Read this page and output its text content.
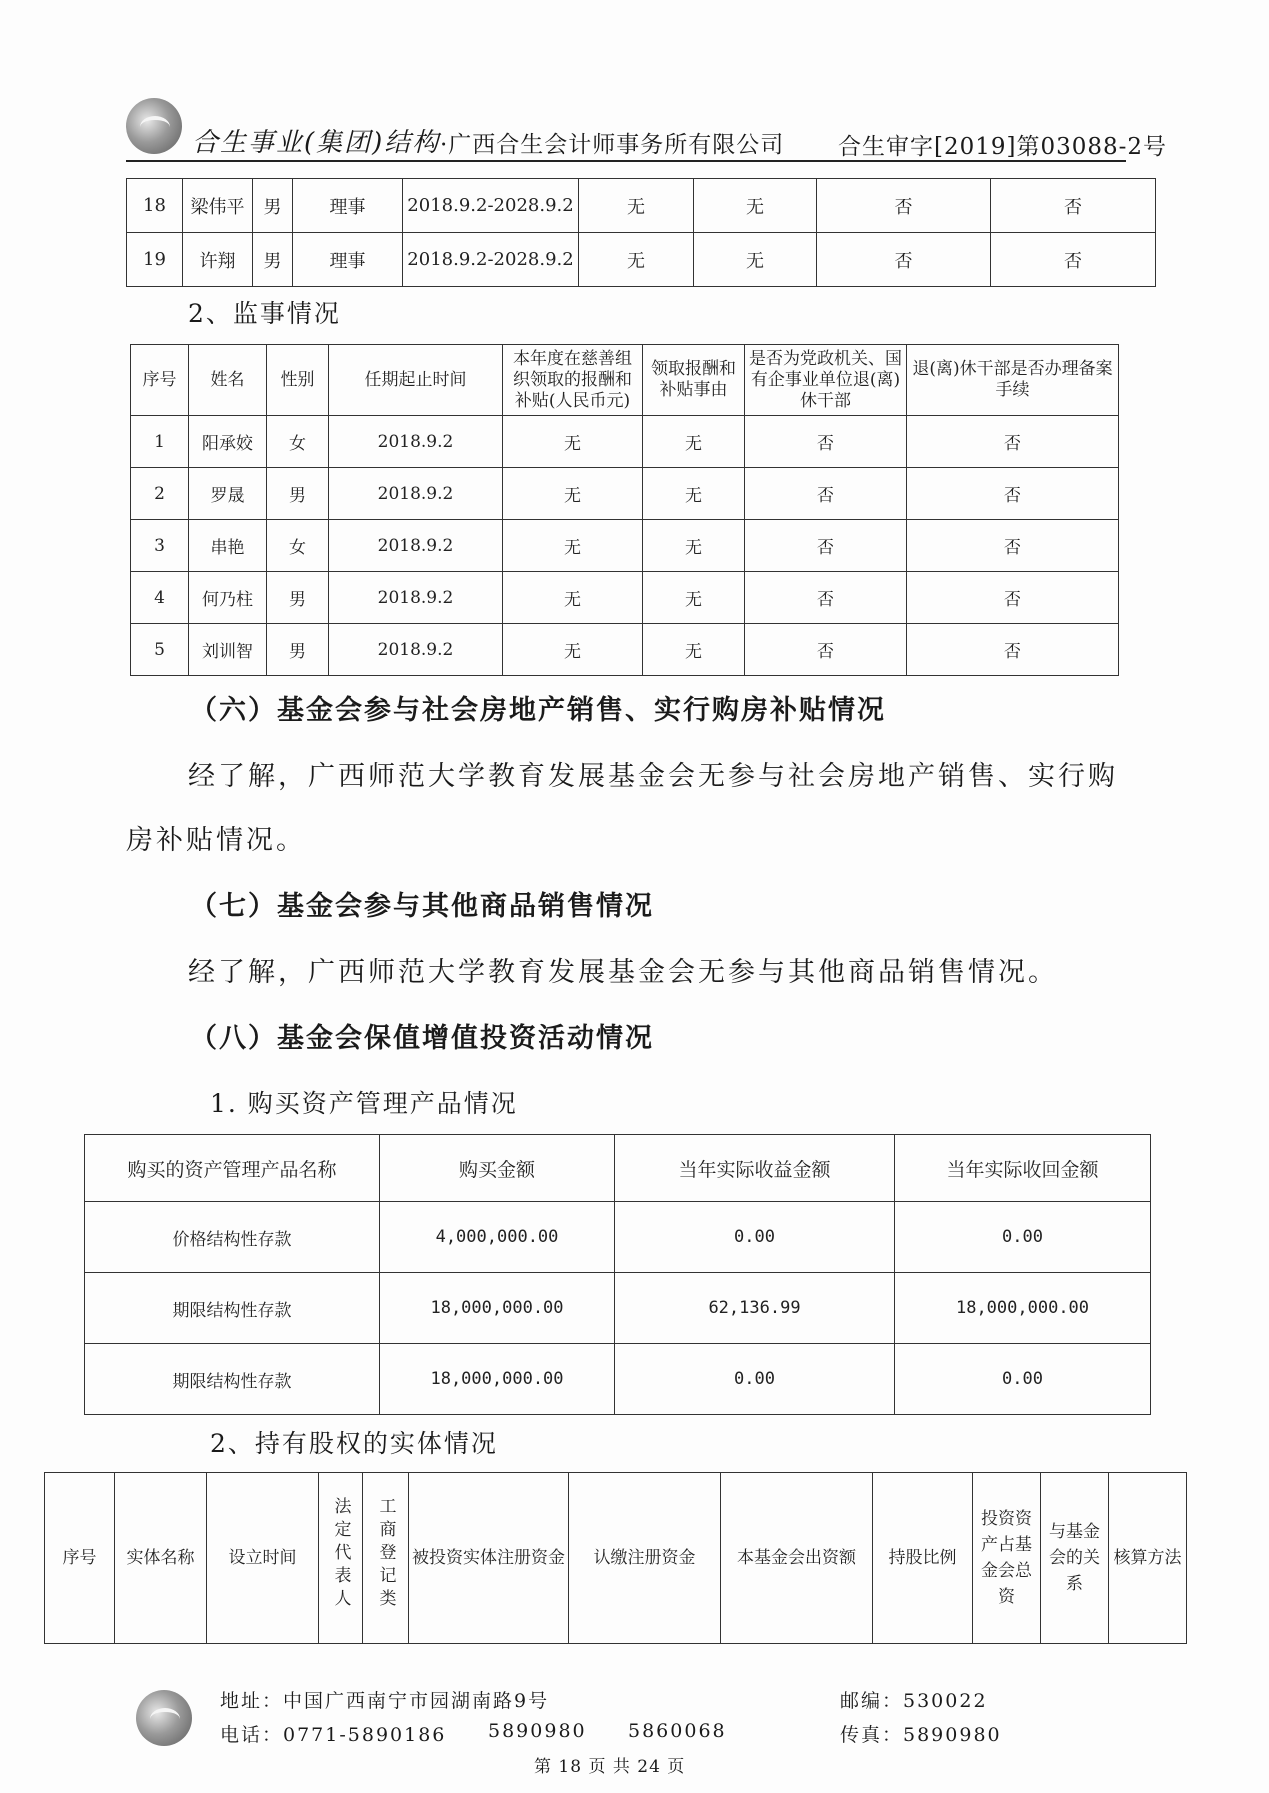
合生事业(集团)结构 ·广西合生会计师事务所有限公司 合生审字[2019]第03088-2号
18	梁伟平	男	理事	2018.9.2-2028.9.2	无	无	否	否
19	许翔	男	理事	2018.9.2-2028.9.2	无	无	否	否
2、监事情况
序号	姓名	性别	任期起止时间	本年度在慈善组织领取的报酬和补贴(人民币元)	领取报酬和补贴事由	是否为党政机关、国有企事业单位退(离)休干部	退(离)休干部是否办理备案手续
1	阳承姣	女	2018.9.2	无	无	否	否
2	罗晟	男	2018.9.2	无	无	否	否
3	串艳	女	2018.9.2	无	无	否	否
4	何乃柱	男	2018.9.2	无	无	否	否
5	刘训智	男	2018.9.2	无	无	否	否
（六）基金会参与社会房地产销售、实行购房补贴情况
经了解，广西师范大学教育发展基金会无参与社会房地产销售、实行购
房补贴情况。
（七）基金会参与其他商品销售情况
经了解，广西师范大学教育发展基金会无参与其他商品销售情况。
（八）基金会保值增值投资活动情况
1. 购买资产管理产品情况
购买的资产管理产品名称	购买金额	当年实际收益金额	当年实际收回金额
价格结构性存款	4,000,000.00	0.00	0.00
期限结构性存款	18,000,000.00	62,136.99	18,000,000.00
期限结构性存款	18,000,000.00	0.00	0.00
2、持有股权的实体情况
序号	实体名称	设立时间	法定代表人	工商登记类	被投资实体注册资金	认缴注册资金	本基金会出资额	持股比例	投资资产占基金会总资	与基金会的关系	核算方法
地址：中国广西南宁市园湖南路9号	邮编：530022
电话：0771-5890186 5890980 5860068	传真：5890980
第 18 页 共 24 页
